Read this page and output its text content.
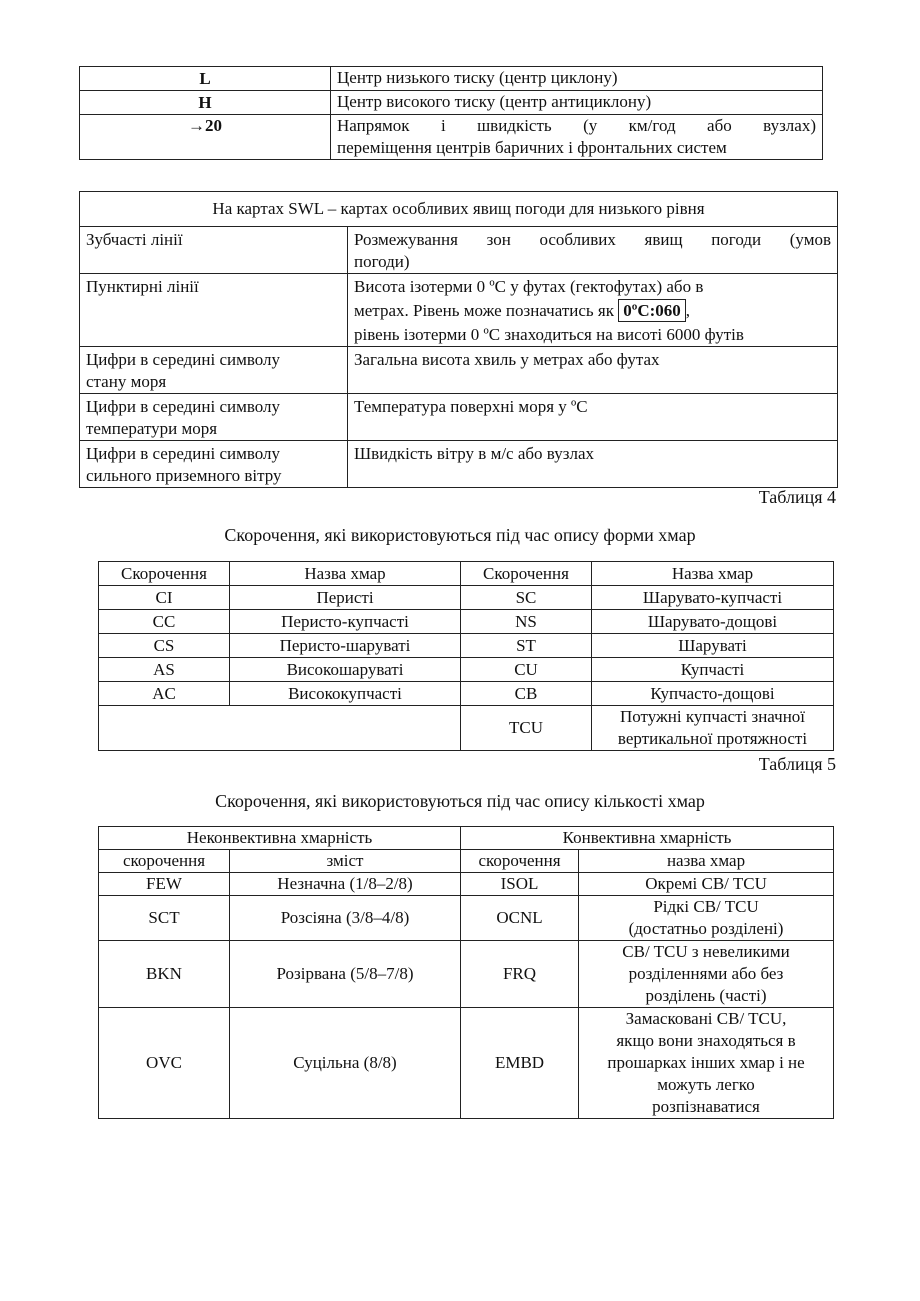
L	Центр низького тиску (центр циклону)
H	Центр високого тиску (центр антициклону)
→20	Напрямок і швидкість (у км/год або вузлах)
переміщення центрів баричних і фронтальних систем
На картах SWL – картах особливих явищ погоди для низького рівня	
Зубчасті лінії	Розмежування зон особливих явищ погоди (умов
погоди)

Пунктирні лінії	Висота ізотерми 0 ºС у футах (гектофутах) або в
метрах. Рівень може позначатись як 0ºС:060 ,
рівень ізотерми 0 ºС знаходиться на висоті 6000 футів

Цифри в середині символу
стану моря	Загальна висота хвиль у метрах або футах

Цифри в середині символу
температури моря	Температура поверхні моря у ºС

Цифри в середині символу
сильного приземного вітру	Швидкість вітру в м/с або вузлах
Таблиця 4
Скорочення, які використовуються під час опису форми хмар
Скорочення	Назва хмар	Скорочення	Назва хмар
CI	Перисті	SC	Шарувато-купчасті
CC	Перисто-купчасті	NS	Шарувато-дощові
CS	Перисто-шаруваті	ST	Шаруваті
AS	Високошаруваті	CU	Купчасті
AC	Висококупчасті	CB	Купчасто-дощові
		TCU	Потужні купчасті значної
вертикальної протяжності
Таблиця 5
Скорочення, які використовуються під час опису кількості хмар
Неконвективна хмарність		Конвективна хмарність	
скорочення	зміст	скорочення	назва хмар
FEW	Незначна (1/8–2/8)	ISOL	Окремі CB/ TCU

SCT	Розсіяна (3/8–4/8)	OCNL	Рідкі CB/ TCU
(достатньо розділені)

BKN	Розірвана (5/8–7/8)	FRQ	CB/ TCU з невеликими
розділеннями або без
розділень (часті)

OVC	Суцільна (8/8)	EMBD	Замасковані CB/ TCU,
якщо вони знаходяться в
прошарках інших хмар і не
можуть легко
розпізнаватися
